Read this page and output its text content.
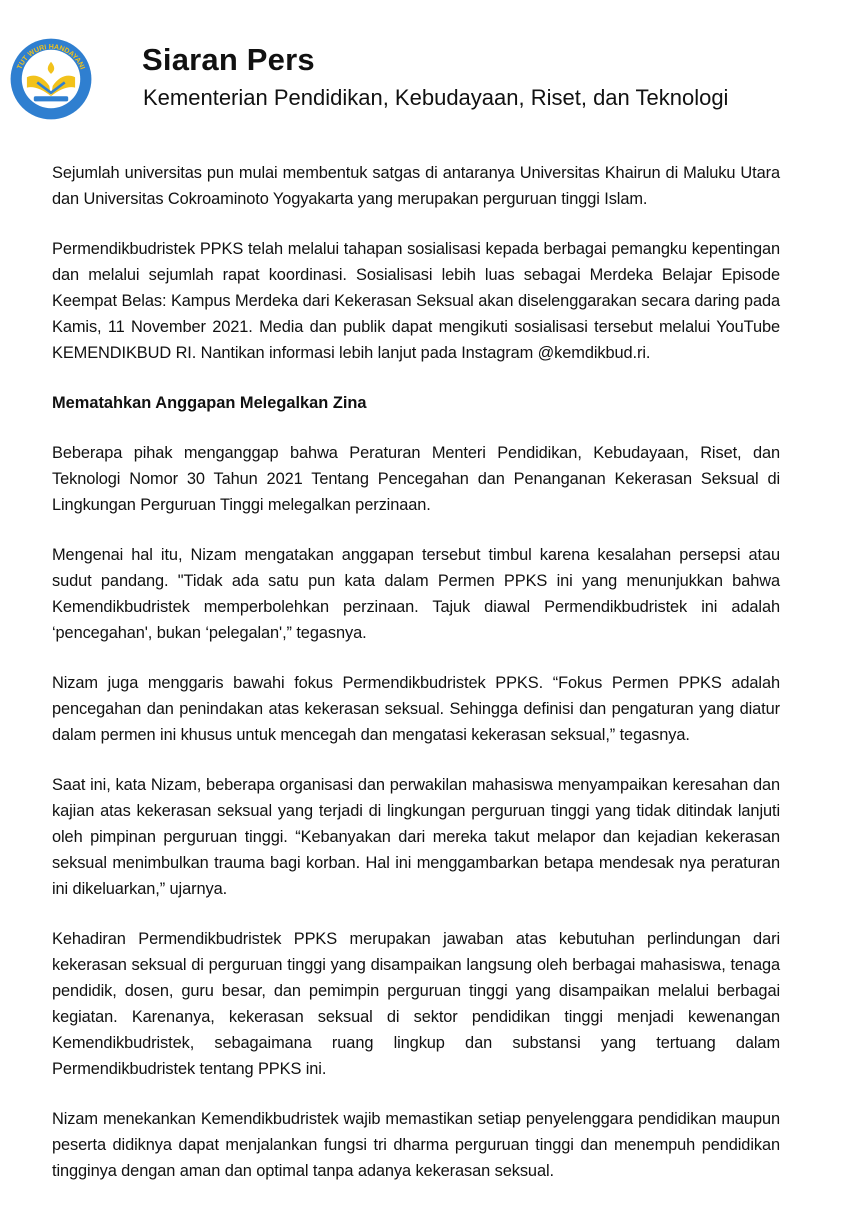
TUT WURI HANDAYANI Siaran Pers
Kementerian Pendidikan, Kebudayaan, Riset, dan Teknologi

Sejumlah universitas pun mulai membentuk satgas di antaranya Universitas Khairun di Maluku Utara dan Universitas Cokroaminoto Yogyakarta yang merupakan perguruan tinggi Islam.

Permendikbudristek PPKS telah melalui tahapan sosialisasi kepada berbagai pemangku kepentingan dan melalui sejumlah rapat koordinasi. Sosialisasi lebih luas sebagai Merdeka Belajar Episode Keempat Belas: Kampus Merdeka dari Kekerasan Seksual akan diselenggarakan secara daring pada Kamis, 11 November 2021. Media dan publik dapat mengikuti sosialisasi tersebut melalui YouTube KEMENDIKBUD RI. Nantikan informasi lebih lanjut pada Instagram @kemdikbud.ri.

Mematahkan Anggapan Melegalkan Zina

Beberapa pihak menganggap bahwa Peraturan Menteri Pendidikan, Kebudayaan, Riset, dan Teknologi Nomor 30 Tahun 2021 Tentang Pencegahan dan Penanganan Kekerasan Seksual di Lingkungan Perguruan Tinggi melegalkan perzinaan.

Mengenai hal itu, Nizam mengatakan anggapan tersebut timbul karena kesalahan persepsi atau sudut pandang. "Tidak ada satu pun kata dalam Permen PPKS ini yang menunjukkan bahwa Kemendikbudristek memperbolehkan perzinaan. Tajuk diawal Permendikbudristek ini adalah ‘pencegahan', bukan ‘pelegalan',” tegasnya.

Nizam juga menggaris bawahi fokus Permendikbudristek PPKS. “Fokus Permen PPKS adalah pencegahan dan penindakan atas kekerasan seksual. Sehingga definisi dan pengaturan yang diatur dalam permen ini khusus untuk mencegah dan mengatasi kekerasan seksual,” tegasnya.

Saat ini, kata Nizam, beberapa organisasi dan perwakilan mahasiswa menyampaikan keresahan dan kajian atas kekerasan seksual yang terjadi di lingkungan perguruan tinggi yang tidak ditindak lanjuti oleh pimpinan perguruan tinggi. “Kebanyakan dari mereka takut melapor dan kejadian kekerasan seksual menimbulkan trauma bagi korban. Hal ini menggambarkan betapa mendesak nya peraturan ini dikeluarkan,” ujarnya.

Kehadiran Permendikbudristek PPKS merupakan jawaban atas kebutuhan perlindungan dari kekerasan seksual di perguruan tinggi yang disampaikan langsung oleh berbagai mahasiswa, tenaga pendidik, dosen, guru besar, dan pemimpin perguruan tinggi yang disampaikan melalui berbagai kegiatan. Karenanya, kekerasan seksual di sektor pendidikan tinggi menjadi kewenangan Kemendikbudristek, sebagaimana ruang lingkup dan substansi yang tertuang dalam Permendikbudristek tentang PPKS ini.

Nizam menekankan Kemendikbudristek wajib memastikan setiap penyelenggara pendidikan maupun peserta didiknya dapat menjalankan fungsi tri dharma perguruan tinggi dan menempuh pendidikan tingginya dengan aman dan optimal tanpa adanya kekerasan seksual.
